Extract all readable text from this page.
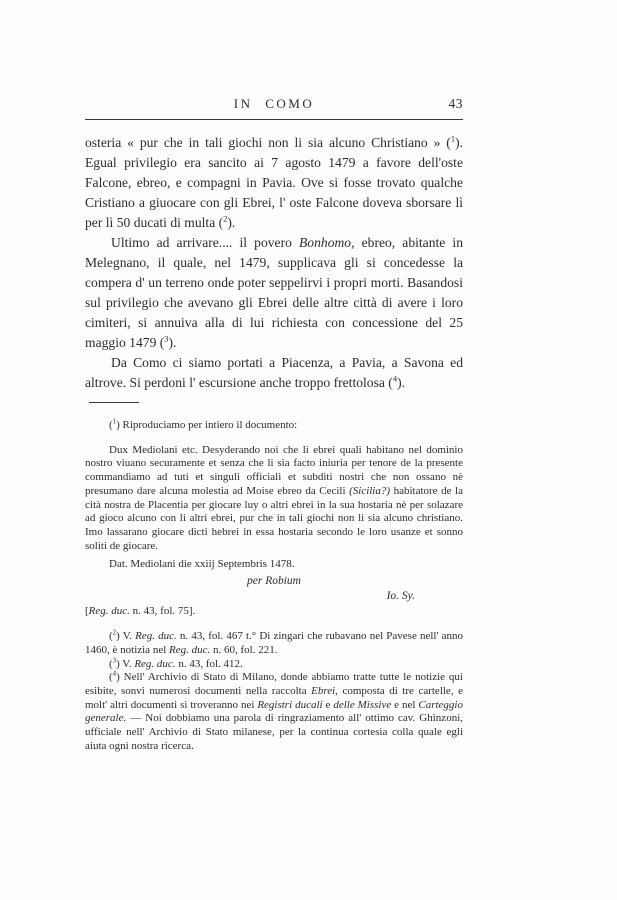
IN COMO	43

osteria « pur che in tali giochi non li sia alcuno Christiano » ($^1$). Egual privilegio era sancito ai 7 agosto 1479 a favore dell'oste Falcone, ebreo, e compagni in Pavia. Ove si fosse trovato qualche Cristiano a giuocare con gli Ebrei, l' oste Falcone doveva sborsare lì per lì 50 ducati di multa ($^2$).

Ultimo ad arrivare.... il povero Bonhomo, ebreo, abitante in Melegnano, il quale, nel 1479, supplicava gli si concedesse la compera d' un terreno onde poter seppelirvi i propri morti. Basandosi sul privilegio che avevano gli Ebrei delle altre città di avere i loro cimiteri, si annuiva alla di lui richiesta con concessione del 25 maggio 1479 ($^3$).

Da Como ci siamo portati a Piacenza, a Pavia, a Savona ed altrove. Si perdoni l' escursione anche troppo frettolosa ($^4$).

($^1$) Riproduciamo per intiero il documento:

Dux Mediolani etc. Desyderando noi che li ebrei quali habitano nel dominio nostro viuano securamente et senza che li sia facto iniuria per tenore de la presente commandiamo ad tuti et singuli officiali et subditi nostri che non ossano nè presumano dare alcuna molestia ad Moise ebreo da Cecili (Sicilia?) habitatore de la cità nostra de Placentia per giocare luy o altri ebrei in la sua hostaria nè per solazare ad gioco alcuno con li altri ebrei, pur che in tali giochi non li sia alcuno christiano. Imo lassarano giocare dicti hebrei in essa hostaria secondo le loro usanze et sonno soliti de giocare.

Dat. Mediolani die xxiij Septembris 1478.

per Robium

Io. Sy.

[Reg. duc. n. 43, fol. 75].

($^2$) V. Reg. duc. n. 43, fol. 467 t.° Di zingari che rubavano nel Pavese nell' anno 1460, è notizia nel Reg. duc. n. 60, fol. 221.

($^3$) V. Reg. duc. n. 43, fol. 412.

($^4$) Nell' Archivio di Stato di Milano, donde abbiamo tratte tutte le notizie qui esibite, sonvi numerosi documenti nella raccolta Ebrei, composta di tre cartelle, e molt' altri documenti si troveranno nei Registri ducali e delle Missive e nel Carteggio generale. — Noi dobbiamo una parola di ringraziamento all' ottimo cav. Ghinzoni, ufficiale nell' Archivio di Stato milanese, per la continua cortesia colla quale egli aiuta ogni nostra ricerca.
